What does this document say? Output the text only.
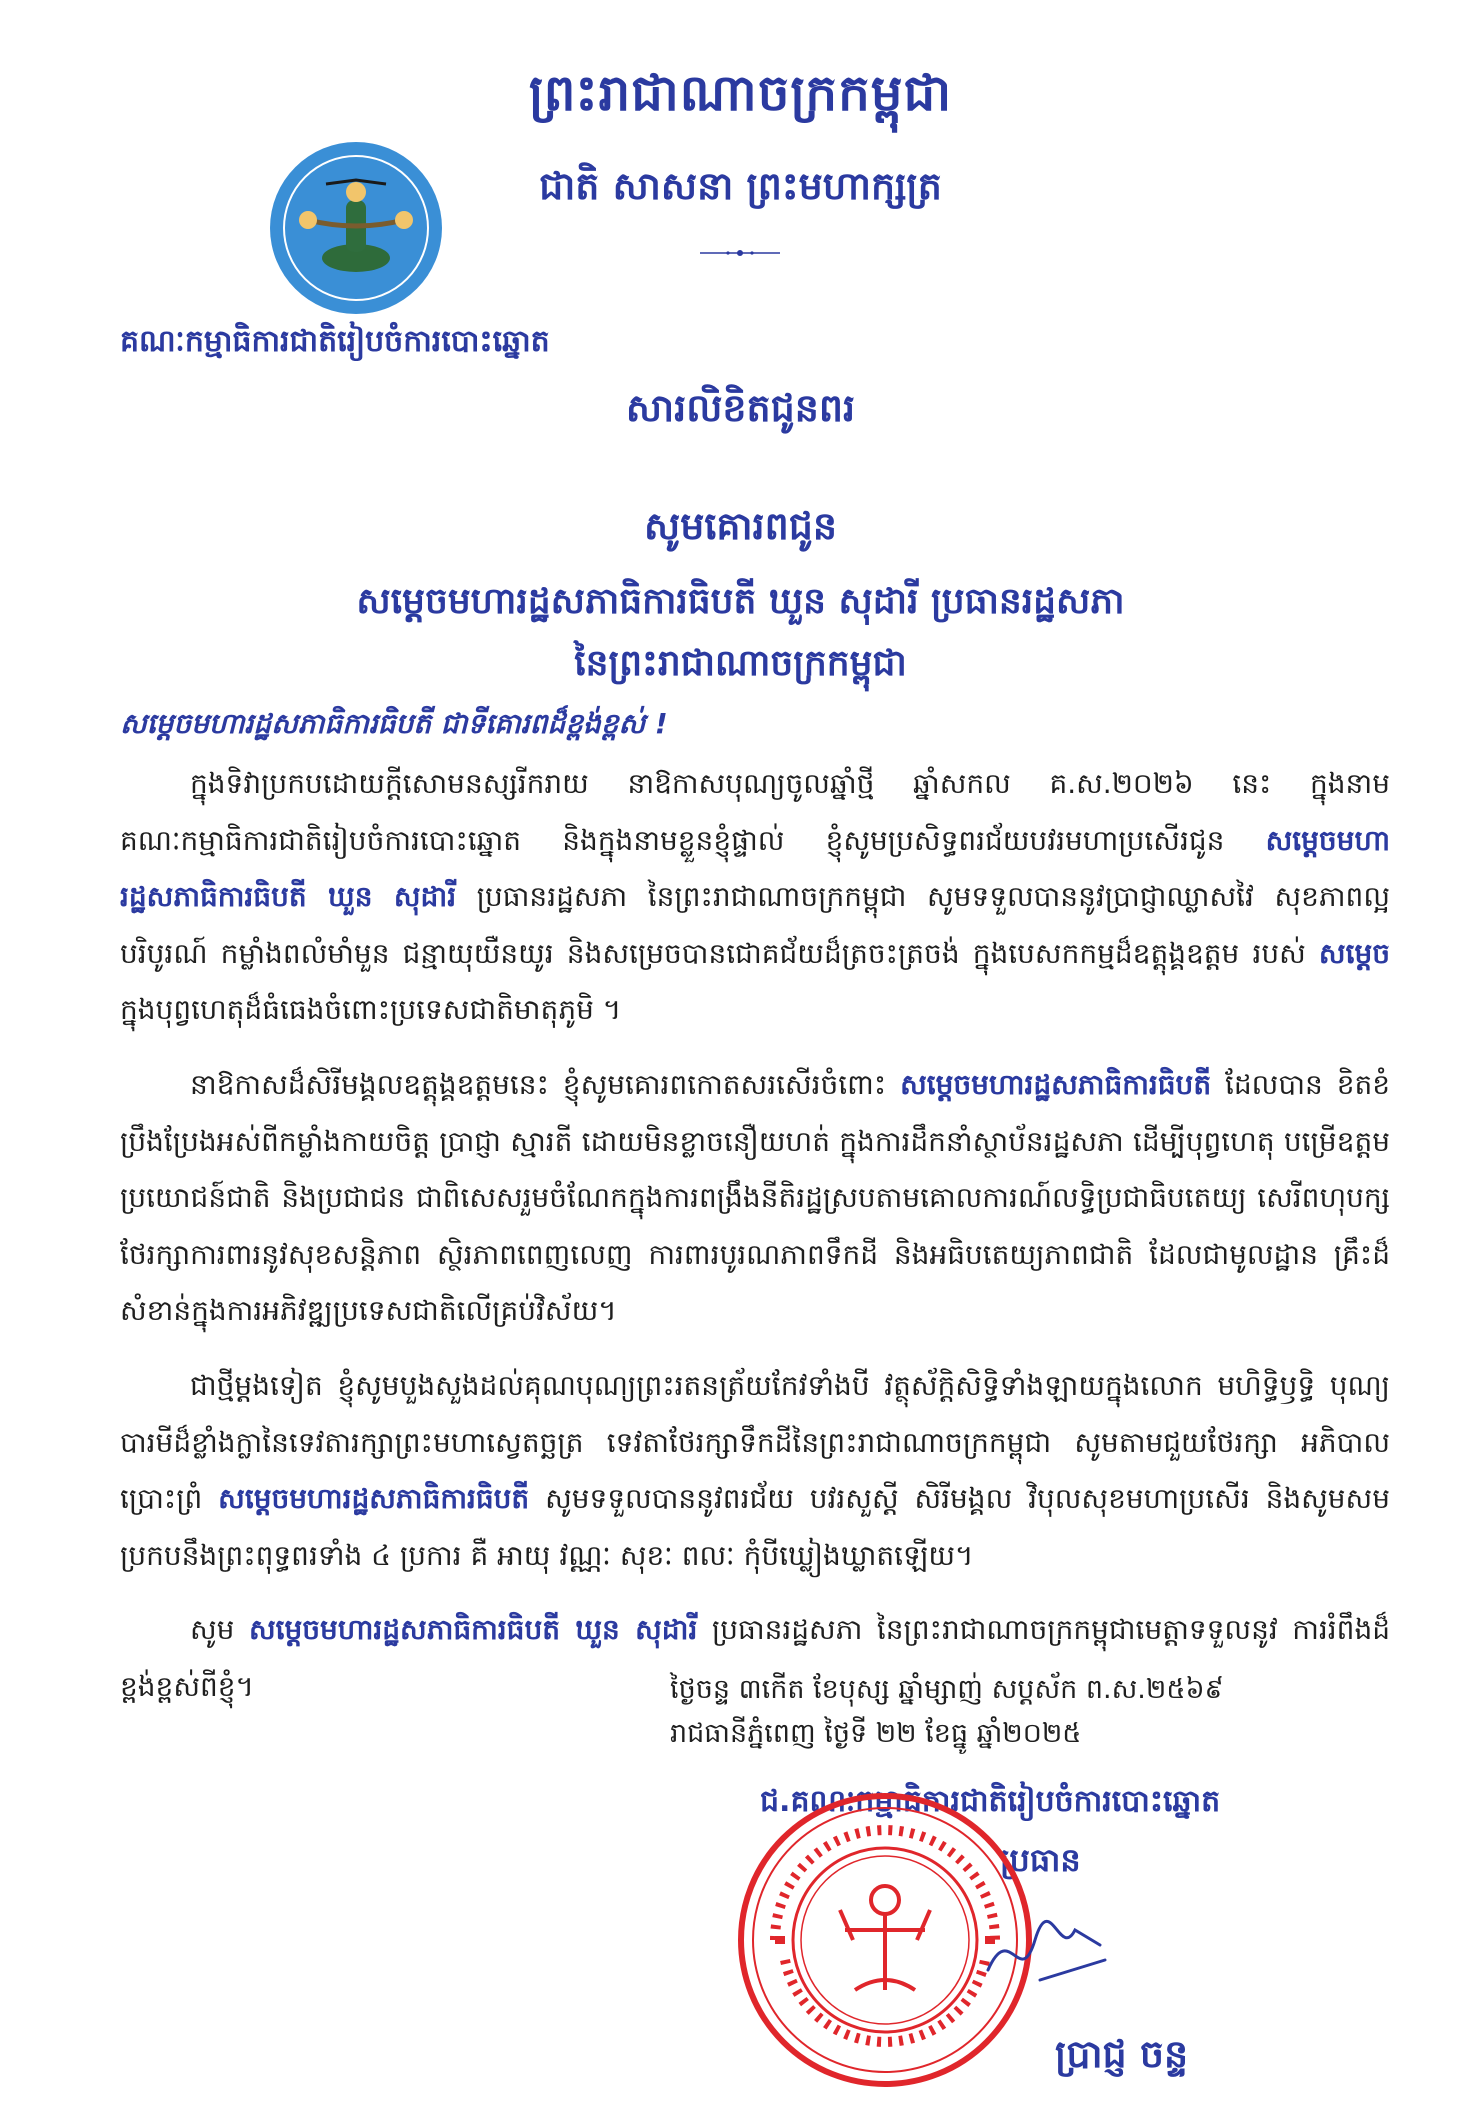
ព្រះរាជាណាចក្រកម្ពុជា
ជាតិ សាសនា ព្រះមហាក្សត្រ
គណៈកម្មាធិការជាតិរៀបចំការបោះឆ្នោត
សារលិខិតជូនពរ
សូមគោរពជូន
សម្ដេចមហារដ្ឋសភាធិការធិបតី ឃួន សុដារី ប្រធានរដ្ឋសភា
នៃព្រះរាជាណាចក្រកម្ពុជា
សម្ដេចមហារដ្ឋសភាធិការធិបតី ជាទីគោរពដ៏ខ្ពង់ខ្ពស់ !

ក្នុងទិវាប្រកបដោយក្ដីសោមនស្សរីករាយ នាឱកាសបុណ្យចូលឆ្នាំថ្មី ឆ្នាំសកល គ.ស.២០២៦ នេះ ក្នុងនាម គណៈកម្មាធិការជាតិរៀបចំការបោះឆ្នោត និងក្នុងនាមខ្លួនខ្ញុំផ្ទាល់ ខ្ញុំសូមប្រសិទ្ធពរជ័យបវរមហាប្រសើរជូន សម្ដេចមហារដ្ឋសភាធិការធិបតី ឃួន សុដារី ប្រធានរដ្ឋសភា នៃព្រះរាជាណាចក្រកម្ពុជា សូមទទួលបាននូវប្រាជ្ញាឈ្លាសវៃ សុខភាពល្អបរិបូរណ៍ កម្លាំងពលំមាំមួន ជន្មាយុយឺនយូរ និងសម្រេចបានជោគជ័យដ៏ត្រចះត្រចង់ ក្នុងបេសកកម្មដ៏ឧត្តុង្គឧត្តម របស់ សម្ដេច ក្នុងបុព្វហេតុដ៏ធំធេងចំពោះប្រទេសជាតិមាតុភូមិ ។

នាឱកាសដ៏សិរីមង្គលឧត្ដុង្គឧត្តមនេះ ខ្ញុំសូមគោរពកោតសរសើរចំពោះ សម្ដេចមហារដ្ឋសភាធិការធិបតី ដែលបាន ខិតខំប្រឹងប្រែងអស់ពីកម្លាំងកាយចិត្ត ប្រាជ្ញា ស្មារតី ដោយមិនខ្លាចនឿយហត់ ក្នុងការដឹកនាំស្ថាប័នរដ្ឋសភា ដើម្បីបុព្វហេតុ បម្រើឧត្តមប្រយោជន៍ជាតិ និងប្រជាជន ជាពិសេសរួមចំណែកក្នុងការពង្រឹងនីតិរដ្ឋស្របតាមគោលការណ៍លទ្ធិប្រជាធិបតេយ្យ សេរីពហុបក្ស ថែរក្សាការពារនូវសុខសន្តិភាព ស្ថិរភាពពេញលេញ ការពារបូរណភាពទឹកដី និងអធិបតេយ្យភាពជាតិ ដែលជាមូលដ្ឋាន គ្រឹះដ៏សំខាន់ក្នុងការអភិវឌ្ឍប្រទេសជាតិលើគ្រប់វិស័យ។

ជាថ្មីម្ដងទៀត ខ្ញុំសូមបួងសួងដល់គុណបុណ្យព្រះរតនត្រ័យកែវទាំងបី វត្ថុស័ក្តិសិទ្ធិទាំងឡាយក្នុងលោក មហិទ្ធិឫទ្ធិ បុណ្យបារមីដ៏ខ្លាំងក្លានៃទេវតារក្សាព្រះមហាស្វេតច្ឆត្រ ទេវតាថែរក្សាទឹកដីនៃព្រះរាជាណាចក្រកម្ពុជា សូមតាមជួយថែរក្សា អភិបាលប្រោះព្រំ សម្ដេចមហារដ្ឋសភាធិការធិបតី សូមទទួលបាននូវពរជ័យ បវរសួស្ដី សិរីមង្គល វិបុលសុខមហាប្រសើរ និងសូមសមប្រកបនឹងព្រះពុទ្ធពរទាំង ៤ ប្រការ គឺ អាយុ វណ្ណៈ សុខៈ ពលៈ កុំបីឃ្លៀងឃ្លាតឡើយ។

សូម សម្ដេចមហារដ្ឋសភាធិការធិបតី ឃួន សុដារី ប្រធានរដ្ឋសភា នៃព្រះរាជាណាចក្រកម្ពុជាមេត្តាទទួលនូវ ការរំពឹងដ៏ខ្ពង់ខ្ពស់ពីខ្ញុំ។	ថ្ងៃចន្ទ ៣កើត ខែបុស្ស ឆ្នាំម្សាញ់ សប្តស័ក ព.ស.២៥៦៩
រាជធានីភ្នំពេញ ថ្ងៃទី ២២ ខែធ្នូ ឆ្នាំ២០២៥
ជ.គណៈកម្មាធិការជាតិរៀបចំការបោះឆ្នោត
ប្រធាន
ប្រាជ្ញ ចន្ទ
